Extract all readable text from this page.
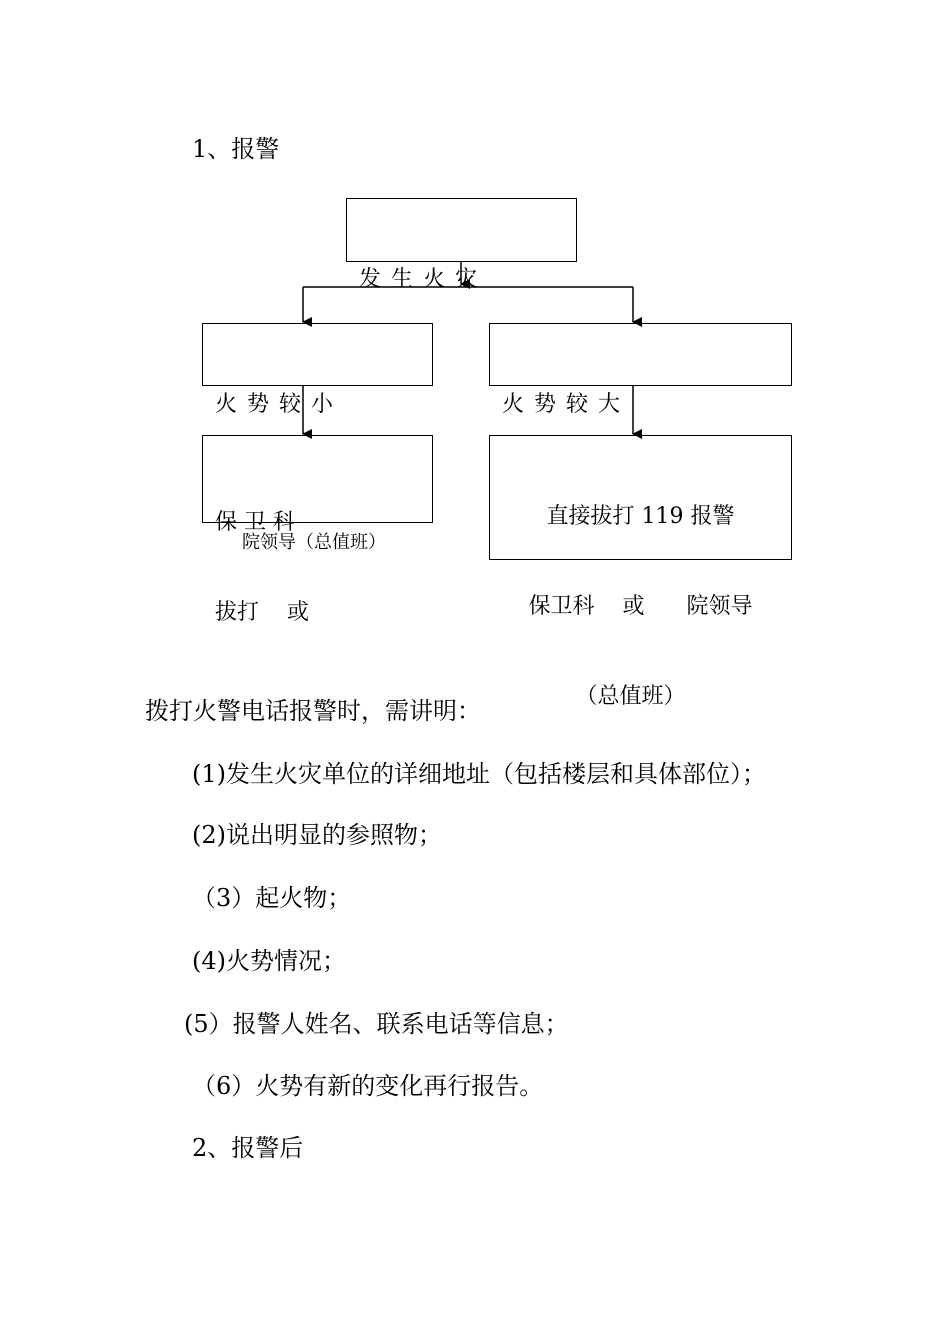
1、报警

发生火灾

火势较小

	火势较大

保 卫 科

拔打    或

院领导（总值班）

直接拔打 119 报警

保卫科    或      院领导

（总值班）

拨打火警电话报警时，需讲明：
(1)发生火灾单位的详细地址（包括楼层和具体部位）；
(2)说出明显的参照物；
（3）起火物；
(4)火势情况；
(5）报警人姓名、联系电话等信息；
（6）火势有新的变化再行报告。
2、报警后
